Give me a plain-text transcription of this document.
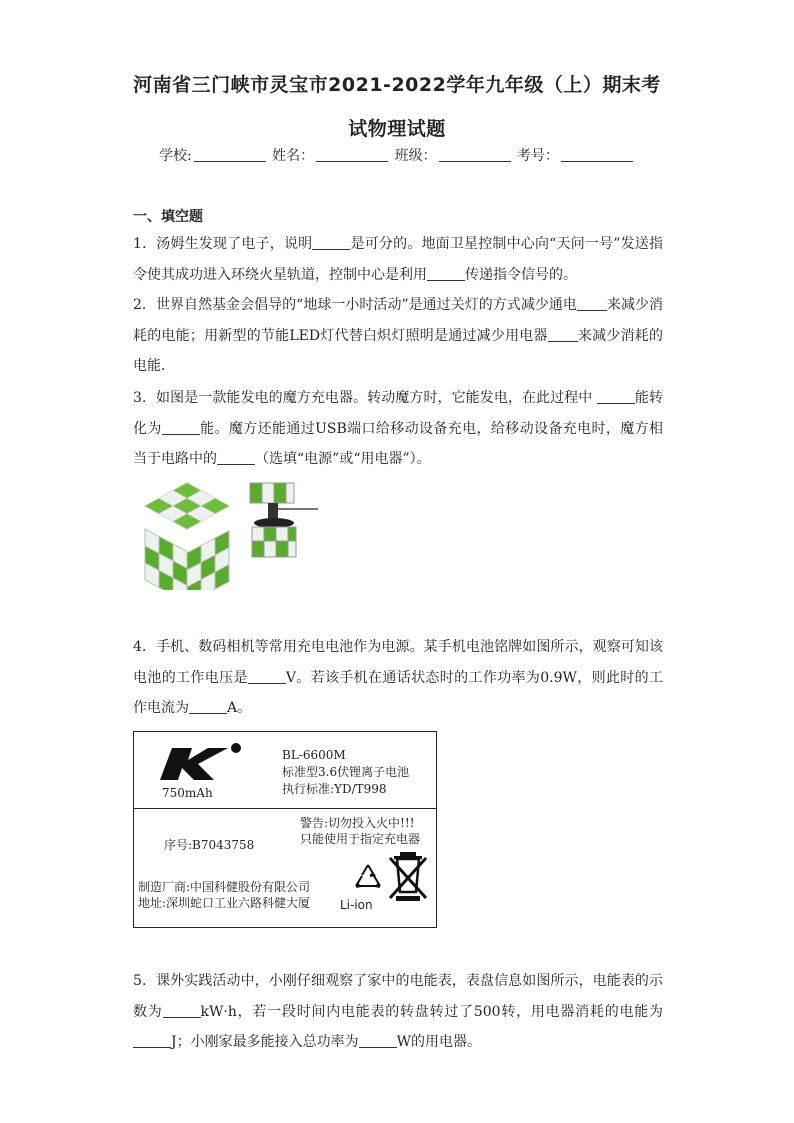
河南省三门峡市灵宝市2021-2022学年九年级（上）期末考
试物理试题
学校:	姓名：	班级：	考号：
一、填空题
1．汤姆生发现了电子，说明	是可分的。地面卫星控制中心向“天问一号”发送指令使其成功进入环绕火星轨道，控制中心是利用	传递指令信号的。
2．世界自然基金会倡导的“地球一小时活动”是通过关灯的方式减少通电 来减少消耗的电能；用新型的节能LED灯代替白炽灯照明是通过减少用电器 来减少消耗的电能．
3．如图是一款能发电的魔方充电器。转动魔方时，它能发电，在此过程中	能转化为	能。魔方还能通过USB端口给移动设备充电，给移动设备充电时，魔方相当于电路中的	（选填“电源”或“用电器”）。
4．手机、数码相机等常用充电电池作为电源。某手机电池铭牌如图所示，观察可知该电池的工作电压是	V。若该手机在通话状态时的工作功率为0.9W，则此时的工作电流为	A。
750mAh
BL-6600M
标准型3.6伏锂离子电池
执行标准:YD/T998
警告:切勿投入火中!!!
只能使用于指定充电器
序号:B7043758
制造厂商:中国科健股份有限公司
地址:深圳蛇口工业六路科健大厦 Li-ion
5．课外实践活动中，小刚仔细观察了家中的电能表，表盘信息如图所示，电能表的示数为	kW·h，若一段时间内电能表的转盘转过了500转，用电器消耗的电能为J；小刚家最多能接入总功率为	W的用电器。
